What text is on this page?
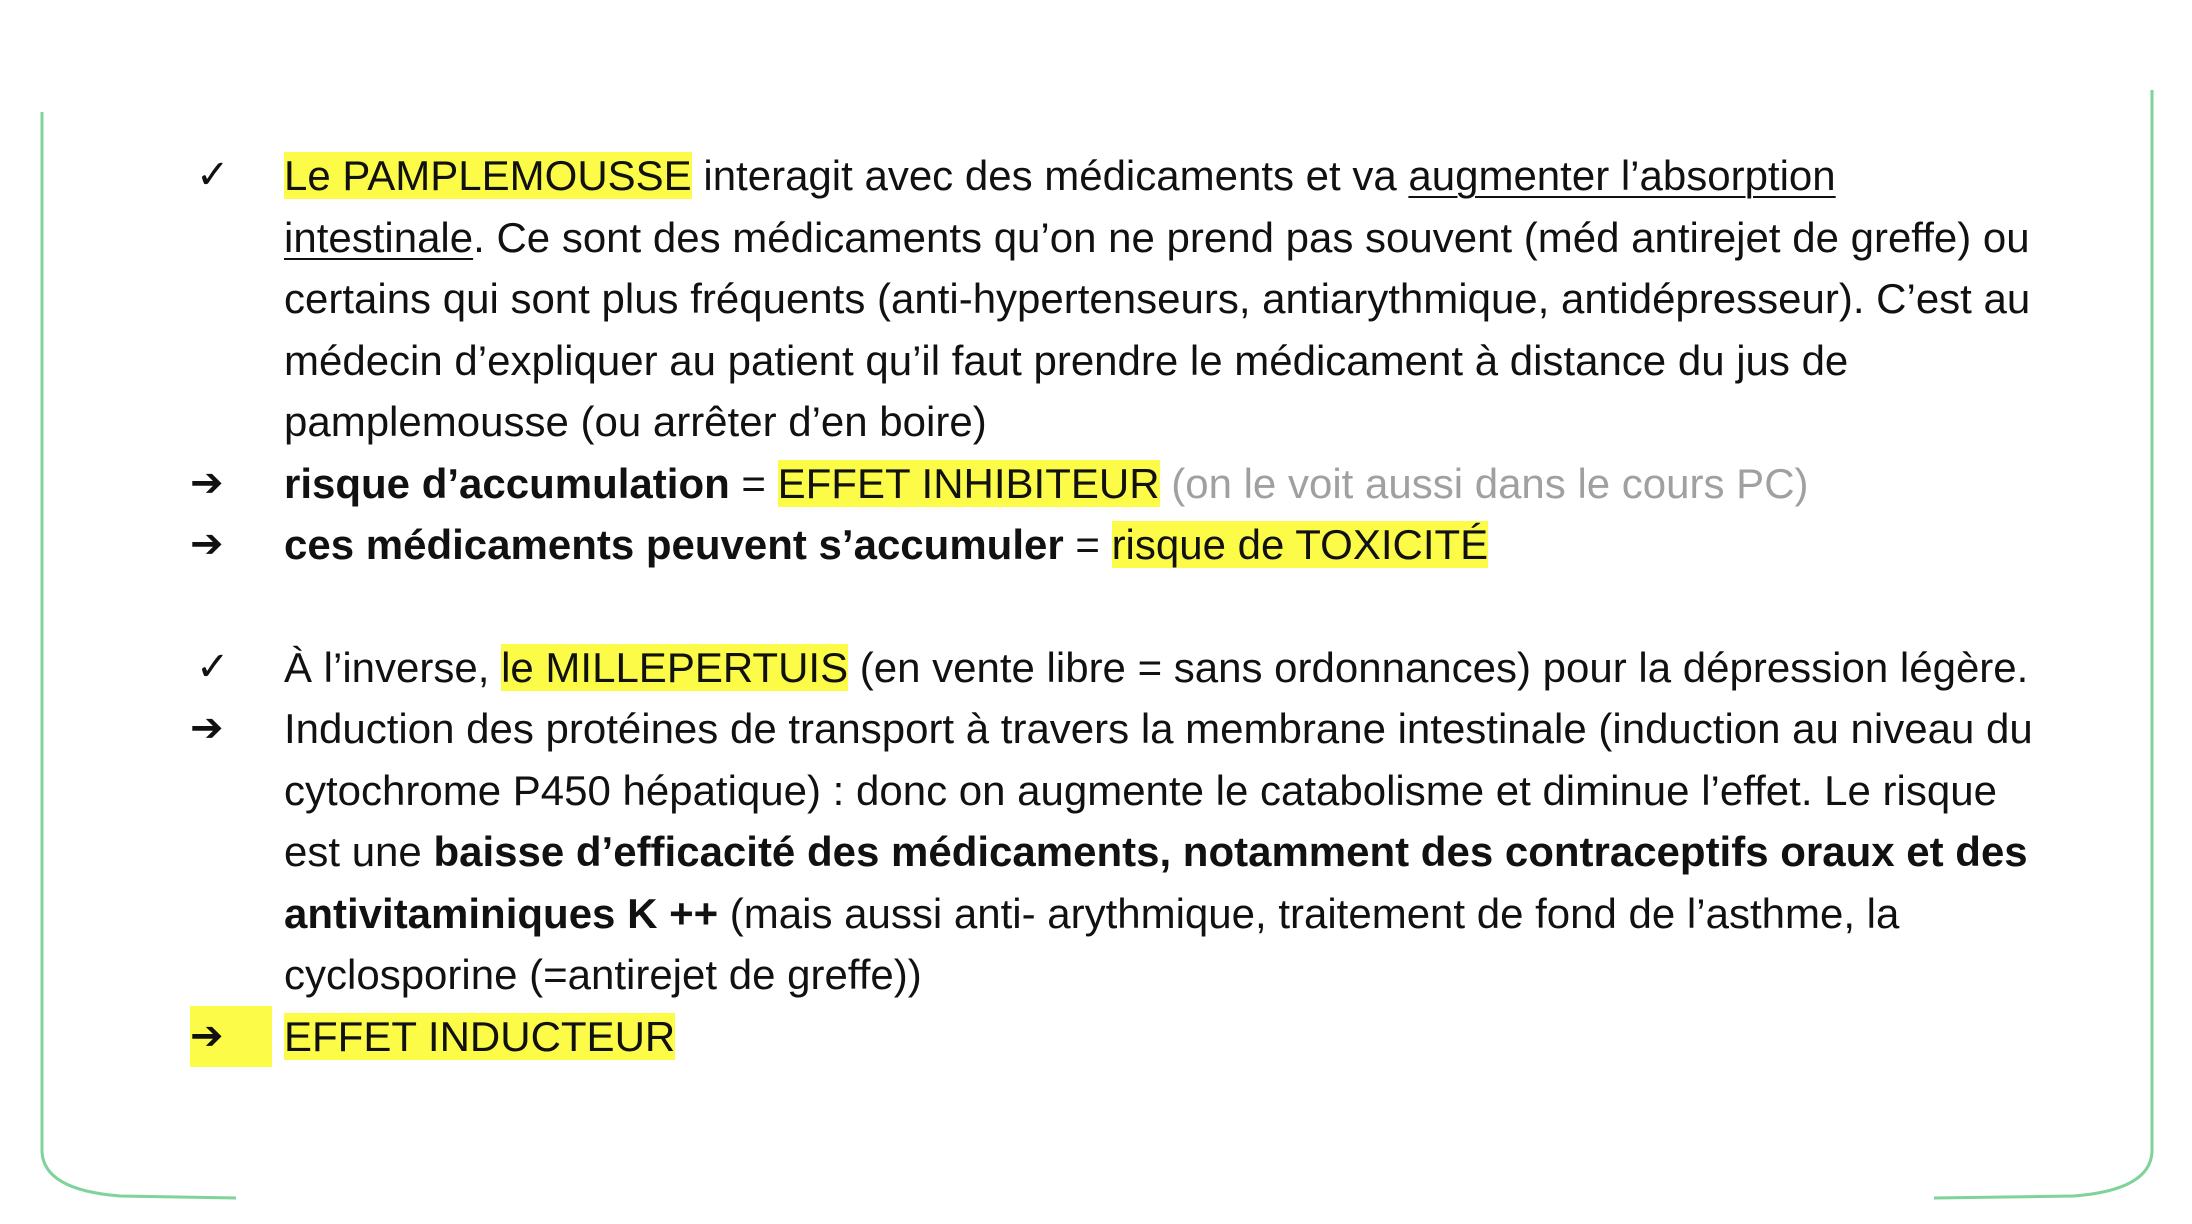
✓	Le PAMPLEMOUSSE interagit avec des médicaments et va augmenter l’absorption intestinale. Ce sont des médicaments qu’on ne prend pas souvent (méd antirejet de greffe) ou certains qui sont plus fréquents (anti-hypertenseurs, antiarythmique, antidépresseur). C’est au médecin d’expliquer au patient qu’il faut prendre le médicament à distance du jus de pamplemousse (ou arrêter d’en boire)
➔	risque d’accumulation = EFFET INHIBITEUR (on le voit aussi dans le cours PC)
➔	ces médicaments peuvent s’accumuler = risque de TOXICITÉ
✓	À l’inverse, le MILLEPERTUIS (en vente libre = sans ordonnances) pour la dépression légère.
➔	Induction des protéines de transport à travers la membrane intestinale (induction au niveau du cytochrome P450 hépatique) : donc on augmente le catabolisme et diminue l’effet. Le risque est une baisse d’efficacité des médicaments, notamment des contraceptifs oraux et des antivitaminiques K ++ (mais aussi anti- arythmique, traitement de fond de l’asthme, la cyclosporine (=antirejet de greffe))
➔	EFFET INDUCTEUR
